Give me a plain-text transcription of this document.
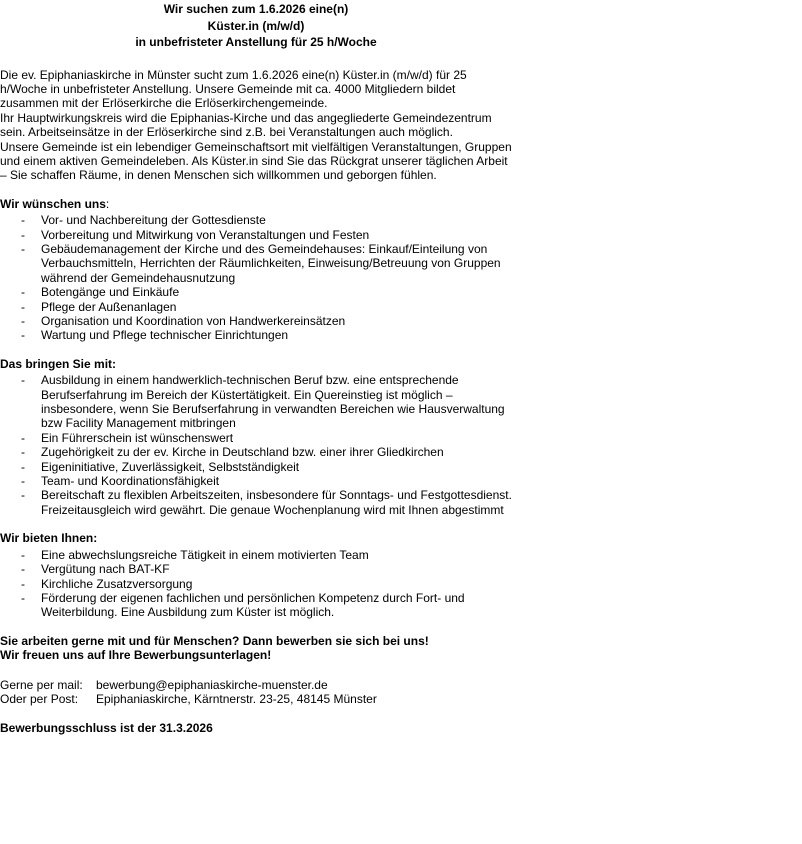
Wir suchen zum 1.6.2026 eine(n)
Küster.in (m/w/d)
in unbefristeter Anstellung für 25 h/Woche

Die ev. Epiphaniaskirche in Münster sucht zum 1.6.2026 eine(n) Küster.in (m/w/d) für 25 h/Woche in unbefristeter Anstellung. Unsere Gemeinde mit ca. 4000 Mitgliedern bildet zusammen mit der Erlöserkirche die Erlöserkirchengemeinde.

Ihr Hauptwirkungskreis wird die Epiphanias-Kirche und das angegliederte Gemeindezentrum sein. Arbeitseinsätze in der Erlöserkirche sind z.B. bei Veranstaltungen auch möglich.

Unsere Gemeinde ist ein lebendiger Gemeinschaftsort mit vielfältigen Veranstaltungen, Gruppen und einem aktiven Gemeindeleben. Als Küster.in sind Sie das Rückgrat unserer täglichen Arbeit – Sie schaffen Räume, in denen Menschen sich willkommen und geborgen fühlen.

Wir wünschen uns:
- Vor- und Nachbereitung der Gottesdienste
- Vorbereitung und Mitwirkung von Veranstaltungen und Festen
- Gebäudemanagement der Kirche und des Gemeindehauses: Einkauf/Einteilung von Verbauchsmitteln, Herrichten der Räumlichkeiten, Einweisung/Betreuung von Gruppen während der Gemeindehausnutzung
- Botengänge und Einkäufe
- Pflege der Außenanlagen
- Organisation und Koordination von Handwerkereinsätzen
- Wartung und Pflege technischer Einrichtungen
Das bringen Sie mit:
- Ausbildung in einem handwerklich-technischen Beruf bzw. eine entsprechende Berufserfahrung im Bereich der Küstertätigkeit. Ein Quereinstieg ist möglich – insbesondere, wenn Sie Berufserfahrung in verwandten Bereichen wie Hausverwaltung bzw Facility Management mitbringen
- Ein Führerschein ist wünschenswert
- Zugehörigkeit zu der ev. Kirche in Deutschland bzw. einer ihrer Gliedkirchen
- Eigeninitiative, Zuverlässigkeit, Selbstständigkeit
- Team- und Koordinationsfähigkeit
- Bereitschaft zu flexiblen Arbeitszeiten, insbesondere für Sonntags- und Festgottesdienst. Freizeitausgleich wird gewährt. Die genaue Wochenplanung wird mit Ihnen abgestimmt
Wir bieten Ihnen:
- Eine abwechslungsreiche Tätigkeit in einem motivierten Team
- Vergütung nach BAT-KF
- Kirchliche Zusatzversorgung
- Förderung der eigenen fachlichen und persönlichen Kompetenz durch Fort- und Weiterbildung. Eine Ausbildung zum Küster ist möglich.
Sie arbeiten gerne mit und für Menschen? Dann bewerben sie sich bei uns!
Wir freuen uns auf Ihre Bewerbungsunterlagen!
Gerne per mail:	bewerbung@epiphaniaskirche-muenster.de
Oder per Post:	Epiphaniaskirche, Kärntnerstr. 23-25, 48145 Münster
Bewerbungsschluss ist der 31.3.2026
